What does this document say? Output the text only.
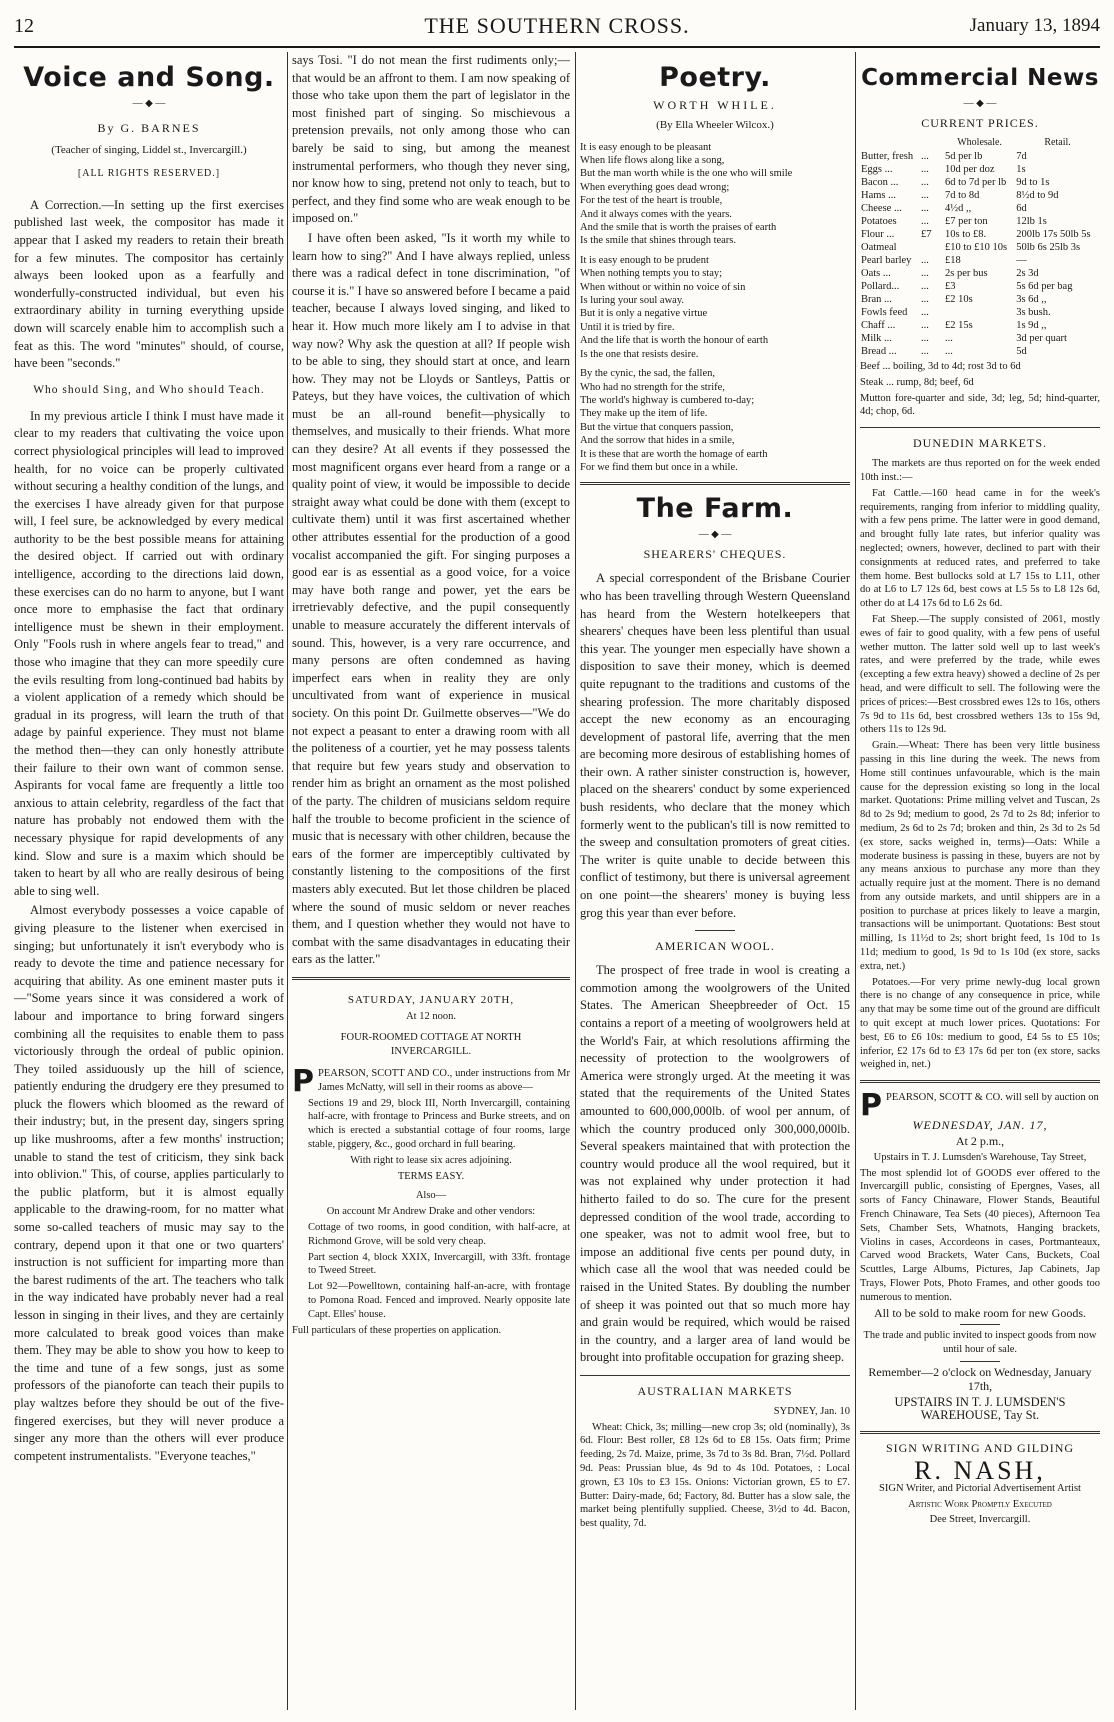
12	THE SOUTHERN CROSS.	January 13, 1894
Voice and Song.
— ◆ —
By G. BARNES
(Teacher of singing, Liddel st., Invercargill.)
[ALL RIGHTS RESERVED.]

A Correction.—In setting up the first exercises published last week, the compositor has made it appear that I asked my readers to retain their breath for a few minutes. The compositor has certainly always been looked upon as a fearfully and wonderfully-constructed individual, but even his extraordinary ability in turning everything upside down will scarcely enable him to accomplish such a feat as this. The word "minutes" should, of course, have been "seconds."

Who should Sing, and Who should Teach.

In my previous article I think I must have made it clear to my readers that cultivating the voice upon correct physiological principles will lead to improved health, for no voice can be properly cultivated without securing a healthy condition of the lungs, and the exercises I have already given for that purpose will, I feel sure, be acknowledged by every medical authority to be the best possible means for attaining the desired object. If carried out with ordinary intelligence, according to the directions laid down, these exercises can do no harm to anyone, but I want once more to emphasise the fact that ordinary intelligence must be shewn in their employment. Only "Fools rush in where angels fear to tread," and those who imagine that they can more speedily cure the evils resulting from long-continued bad habits by a violent application of a remedy which should be gradual in its progress, will learn the truth of that adage by painful experience. They must not blame the method then—they can only honestly attribute their failure to their own want of common sense. Aspirants for vocal fame are frequently a little too anxious to attain celebrity, regardless of the fact that nature has probably not endowed them with the necessary physique for rapid developments of any kind. Slow and sure is a maxim which should be taken to heart by all who are really desirous of being able to sing well.

Almost everybody possesses a voice capable of giving pleasure to the listener when exercised in singing; but unfortunately it isn't everybody who is ready to devote the time and patience necessary for acquiring that ability. As one eminent master puts it—"Some years since it was considered a work of labour and importance to bring forward singers combining all the requisites to enable them to pass victoriously through the ordeal of public opinion. They toiled assiduously up the hill of science, patiently enduring the drudgery ere they presumed to pluck the flowers which bloomed as the reward of their industry; but, in the present day, singers spring up like mushrooms, after a few months' instruction; unable to stand the test of criticism, they sink back into oblivion." This, of course, applies particularly to the public platform, but it is almost equally applicable to the drawing-room, for no matter what some so-called teachers of music may say to the contrary, depend upon it that one or two quarters' instruction is not sufficient for imparting more than the barest rudiments of the art. The teachers who talk in the way indicated have probably never had a real lesson in singing in their lives, and they are certainly more calculated to break good voices than make them. They may be able to show you how to keep to the time and tune of a few songs, just as some professors of the pianoforte can teach their pupils to play waltzes before they should be out of the five-fingered exercises, but they will never produce a singer any more than the others will ever produce competent instrumentalists. "Everyone teaches,"

says Tosi. "I do not mean the first rudiments only;—that would be an affront to them. I am now speaking of those who take upon them the part of legislator in the most finished part of singing. So mischievous a pretension prevails, not only among those who can barely be said to sing, but among the meanest instrumental performers, who though they never sing, nor know how to sing, pretend not only to teach, but to perfect, and they find some who are weak enough to be imposed on."

I have often been asked, "Is it worth my while to learn how to sing?" And I have always replied, unless there was a radical defect in tone discrimination, "of course it is." I have so answered before I became a paid teacher, because I always loved singing, and liked to hear it. How much more likely am I to advise in that way now? Why ask the question at all? If people wish to be able to sing, they should start at once, and learn how. They may not be Lloyds or Santleys, Pattis or Pateys, but they have voices, the cultivation of which must be an all-round benefit—physically to themselves, and musically to their friends. What more can they desire? At all events if they possessed the most magnificent organs ever heard from a range or a quality point of view, it would be impossible to decide straight away what could be done with them (except to cultivate them) until it was first ascertained whether other attributes essential for the production of a good vocalist accompanied the gift. For singing purposes a good ear is as essential as a good voice, for a voice may have both range and power, yet the ears be irretrievably defective, and the pupil consequently unable to measure accurately the different intervals of sound. This, however, is a very rare occurrence, and many persons are often condemned as having imperfect ears when in reality they are only uncultivated from want of experience in musical society. On this point Dr. Guilmette observes—"We do not expect a peasant to enter a drawing room with all the politeness of a courtier, yet he may possess talents that require but few years study and observation to render him as bright an ornament as the most polished of the party. The children of musicians seldom require half the trouble to become proficient in the science of music that is necessary with other children, because the ears of the former are imperceptibly cultivated by constantly listening to the compositions of the first masters ably executed. But let those children be placed where the sound of music seldom or never reaches them, and I question whether they would not have to combat with the same disadvantages in educating their ears as the latter."

SATURDAY, JANUARY 20TH,

At 12 noon.

FOUR-ROOMED COTTAGE AT NORTH INVERCARGILL.

PPEARSON, SCOTT AND CO., under instructions from Mr James McNatty, will sell in their rooms as above—

Sections 19 and 29, block III, North Invercargill, containing half-acre, with frontage to Princess and Burke streets, and on which is erected a substantial cottage of four rooms, large stable, piggery, &c., good orchard in full bearing.

With right to lease six acres adjoining.

TERMS EASY.

Also—

On account Mr Andrew Drake and other vendors:

Cottage of two rooms, in good condition, with half-acre, at Richmond Grove, will be sold very cheap.

Part section 4, block XXIX, Invercargill, with 33ft. frontage to Tweed Street.

Lot 92—Powelltown, containing half-an-acre, with frontage to Pomona Road. Fenced and improved. Nearly opposite late Capt. Elles' house.

Full particulars of these properties on application.

Poetry.
WORTH WHILE.
(By Ella Wheeler Wilcox.)
It is easy enough to be pleasant
When life flows along like a song,
But the man worth while is the one who will smile
When everything goes dead wrong;
For the test of the heart is trouble,
And it always comes with the years.
And the smile that is worth the praises of earth
Is the smile that shines through tears.
It is easy enough to be prudent
When nothing tempts you to stay;
When without or within no voice of sin
Is luring your soul away.
But it is only a negative virtue
Until it is tried by fire.
And the life that is worth the honour of earth
Is the one that resists desire.
By the cynic, the sad, the fallen,
Who had no strength for the strife,
The world's highway is cumbered to-day;
They make up the item of life.
But the virtue that conquers passion,
And the sorrow that hides in a smile,
It is these that are worth the homage of earth
For we find them but once in a while.
The Farm.
— ◆ —
SHEARERS' CHEQUES.

A special correspondent of the Brisbane Courier who has been travelling through Western Queensland has heard from the Western hotelkeepers that shearers' cheques have been less plentiful than usual this year. The younger men especially have shown a disposition to save their money, which is deemed quite repugnant to the traditions and customs of the shearing profession. The more charitably disposed accept the new economy as an encouraging development of pastoral life, averring that the men are becoming more desirous of establishing homes of their own. A rather sinister construction is, however, placed on the shearers' conduct by some experienced bush residents, who declare that the money which formerly went to the publican's till is now remitted to the sweep and consultation promoters of great cities. The writer is quite unable to decide between this conflict of testimony, but there is universal agreement on one point—the shearers' money is buying less grog this year than ever before.

AMERICAN WOOL.

The prospect of free trade in wool is creating a commotion among the woolgrowers of the United States. The American Sheepbreeder of Oct. 15 contains a report of a meeting of woolgrowers held at the World's Fair, at which resolutions affirming the necessity of protection to the woolgrowers of America were strongly urged. At the meeting it was stated that the requirements of the United States amounted to 600,000,000lb. of wool per annum, of which the country produced only 300,000,000lb. Several speakers maintained that with protection the country would produce all the wool required, but it was not explained why under protection it had hitherto failed to do so. The cure for the present depressed condition of the wool trade, according to one speaker, was not to admit wool free, but to impose an additional five cents per pound duty, in which case all the wool that was needed could be raised in the United States. By doubling the number of sheep it was pointed out that so much more hay and grain would be required, which would be raised in the country, and a larger area of land would be brought into profitable occupation for grazing sheep.

AUSTRALIAN MARKETS

SYDNEY, Jan. 10

Wheat: Chick, 3s; milling—new crop 3s; old (nominally), 3s 6d. Flour: Best roller, £8 12s 6d to £8 15s. Oats firm; Prime feeding, 2s 7d. Maize, prime, 3s 7d to 3s 8d. Bran, 7½d. Pollard 9d. Peas: Prussian blue, 4s 9d to 4s 10d. Potatoes, : Local grown, £3 10s to £3 15s. Onions: Victorian grown, £5 to £7. Butter: Dairy-made, 6d; Factory, 8d. Butter has a slow sale, the market being plentifully supplied. Cheese, 3½d to 4d. Bacon, best quality, 7d.

Commercial News
— ◆ —
CURRENT PRICES.
		Wholesale.	Retail.
Butter, fresh	...	5d per lb	7d
Eggs ...	...	10d per doz	1s
Bacon ...	...	6d to 7d per lb	9d to 1s
Hams ...	...	7d to 8d	8½d to 9d
Cheese ...	...	4½d ,,	6d
Potatoes	...	£7 per ton	12lb 1s
Flour ...	£7	10s to £8.	200lb 17s 50lb 5s
Oatmeal		£10 to £10 10s	50lb 6s 25lb 3s
Pearl barley	...	£18	—
Oats ...	...	2s per bus	2s 3d
Pollard...	...	£3	5s 6d per bag
Bran ...	...	£2 10s	3s 6d ,,
Fowls feed	...		3s bush.
Chaff ...	...	£2 15s	1s 9d ,,
Milk ...	...	...	3d per quart
Bread ...	...	...	5d

Beef ... boiling, 3d to 4d; rost 3d to 6d

Steak ... rump, 8d; beef, 6d

Mutton fore-quarter and side, 3d; leg, 5d; hind-quarter, 4d; chop, 6d.

DUNEDIN MARKETS.

The markets are thus reported on for the week ended 10th inst.:—

Fat Cattle.—160 head came in for the week's requirements, ranging from inferior to middling quality, with a few pens prime. The latter were in good demand, and brought fully late rates, but inferior quality was neglected; owners, however, declined to part with their consignments at reduced rates, and preferred to take them home. Best bullocks sold at L7 15s to L11, other do at L6 to L7 12s 6d, best cows at L5 5s to L8 12s 6d, other do at L4 17s 6d to L6 2s 6d.

Fat Sheep.—The supply consisted of 2061, mostly ewes of fair to good quality, with a few pens of useful wether mutton. The latter sold well up to last week's rates, and were preferred by the trade, while ewes (excepting a few extra heavy) showed a decline of 2s per head, and were difficult to sell. The following were the prices of prices:—Best crossbred ewes 12s to 16s, others 7s 9d to 11s 6d, best crossbred wethers 13s to 15s 9d, others 11s to 12s 9d.

Grain.—Wheat: There has been very little business passing in this line during the week. The news from Home still continues unfavourable, which is the main cause for the depression existing so long in the local market. Quotations: Prime milling velvet and Tuscan, 2s 8d to 2s 9d; medium to good, 2s 7d to 2s 8d; inferior to medium, 2s 6d to 2s 7d; broken and thin, 2s 3d to 2s 5d (ex store, sacks weighed in, terms)—Oats: While a moderate business is passing in these, buyers are not by any means anxious to purchase any more than they actually require just at the moment. There is no demand from any outside markets, and until shippers are in a position to purchase at prices likely to leave a margin, transactions will be unimportant. Quotations: Best stout milling, 1s 11½d to 2s; short bright feed, 1s 10d to 1s 11d; medium to good, 1s 9d to 1s 10d (ex store, sacks extra, net.)

Potatoes.—For very prime newly-dug local grown there is no change of any consequence in price, while any that may be some time out of the ground are difficult to quit except at much lower prices. Quotations: For best, £6 to £6 10s: medium to good, £4 5s to £5 10s; inferior, £2 17s 6d to £3 17s 6d per ton (ex store, sacks weighed in, net.)

PPEARSON, SCOTT & CO. will sell by auction on

WEDNESDAY, JAN. 17,

At 2 p.m.,

Upstairs in T. J. Lumsden's Warehouse, Tay Street,

The most splendid lot of GOODS ever offered to the Invercargill public, consisting of Epergnes, Vases, all sorts of Fancy Chinaware, Flower Stands, Beautiful French Chinaware, Tea Sets (40 pieces), Afternoon Tea Sets, Chamber Sets, Whatnots, Hanging brackets, Violins in cases, Accordeons in cases, Portmanteaux, Carved wood Brackets, Water Cans, Buckets, Coal Scuttles, Large Albums, Pictures, Jap Cabinets, Jap Trays, Flower Pots, Photo Frames, and other goods too numerous to mention.

All to be sold to make room for new Goods.

The trade and public invited to inspect goods from now until hour of sale.

Remember—2 o'clock on Wednesday, January 17th,

UPSTAIRS IN T. J. LUMSDEN'S WAREHOUSE, Tay St.

SIGN WRITING AND GILDING

R. NASH,

SIGN Writer, and Pictorial Advertisement Artist

Artistic Work Promptly Executed

Dee Street, Invercargill.
